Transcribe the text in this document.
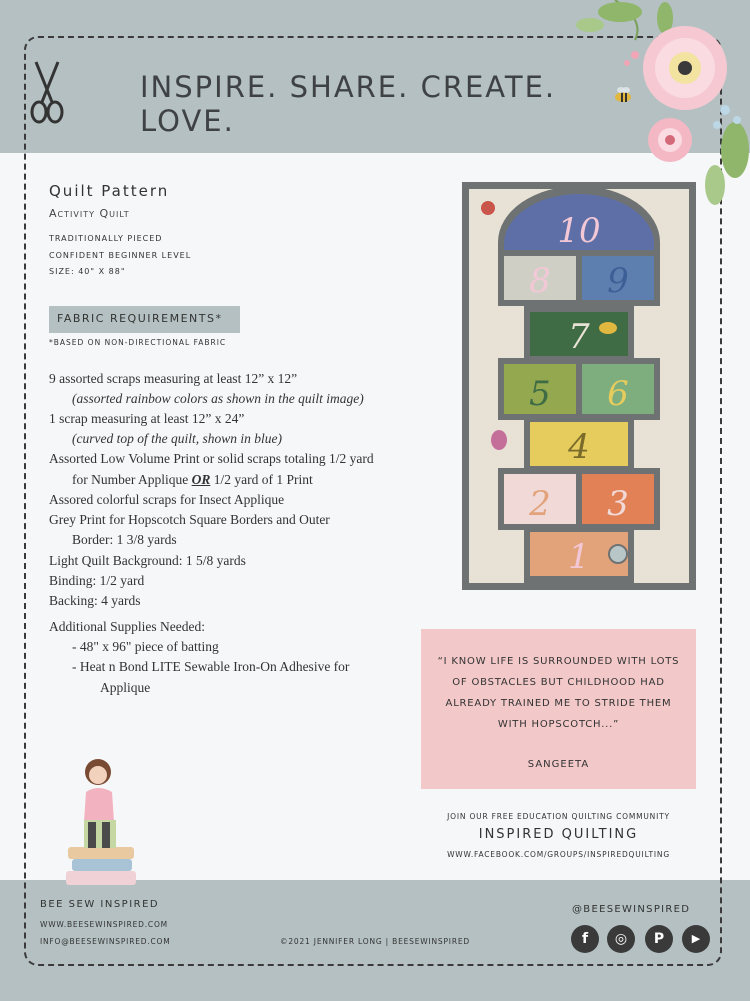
INSPIRE. SHARE. CREATE. LOVE.
Quilt Pattern
Activity Quilt
TRADITIONALLY PIECED
CONFIDENT BEGINNER LEVEL
SIZE: 40" X 88"
FABRIC REQUIREMENTS*
*BASED ON NON-DIRECTIONAL FABRIC
9 assorted scraps measuring at least 12” x 12”
(assorted rainbow colors as shown in the quilt image)
1 scrap measuring at least 12” x 24”
(curved top of the quilt, shown in blue)
Assorted Low Volume Print or solid scraps totaling 1/2 yard
for Number Applique OR 1/2 yard of 1 Print
Assored colorful scraps for Insect Applique
Grey Print for Hopscotch Square Borders and Outer
Border: 1 3/8 yards
Light Quilt Background: 1 5/8 yards
Binding: 1/2 yard
Backing: 4 yards
Additional Supplies Needed:
- 48" x 96" piece of batting
- Heat n Bond LITE Sewable Iron-On Adhesive for
Applique
10
8 9
7
5 6
4
2 3
1
“I KNOW LIFE IS SURROUNDED WITH LOTS OF OBSTACLES BUT CHILDHOOD HAD ALREADY TRAINED ME TO STRIDE THEM WITH HOPSCOTCH...”
SANGEETA
JOIN OUR FREE EDUCATION QUILTING COMMUNITY
INSPIRED QUILTING
WWW.FACEBOOK.COM/GROUPS/INSPIREDQUILTING
BEE SEW INSPIRED
WWW.BEESEWINSPIRED.COM
INFO@BEESEWINSPIRED.COM	©2021 JENNIFER LONG | BEESEWINSPIRED
@BEESEWINSPIRED
f	◎	P	▶
